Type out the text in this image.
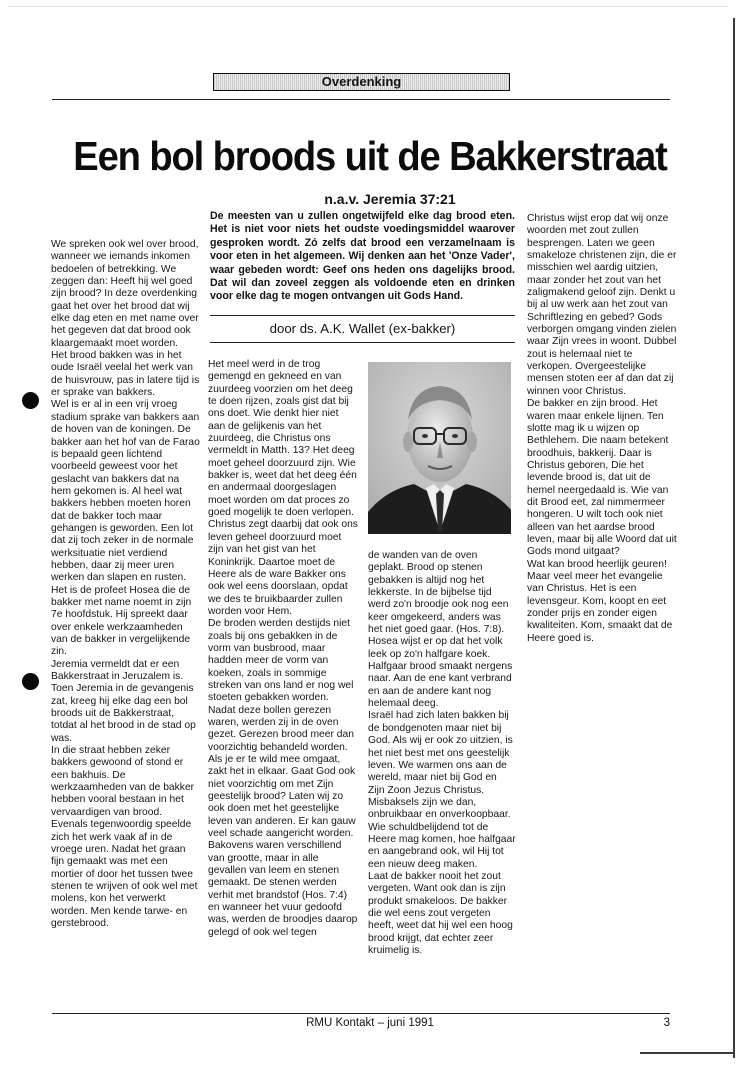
Overdenking
Een bol broods uit de Bakkerstraat
n.a.v. Jeremia 37:21
De meesten van u zullen ongetwijfeld elke dag brood eten. Het is niet voor niets het oudste voedingsmiddel waarover gesproken wordt. Zó zelfs dat brood een verzamelnaam is voor eten in het algemeen. Wij denken aan het 'Onze Vader', waar gebeden wordt: Geef ons heden ons dagelijks brood. Dat wil dan zoveel zeggen als voldoende eten en drinken voor elke dag te mogen ontvangen uit Gods Hand.
door ds. A.K. Wallet (ex-bakker)

We spreken ook wel over brood, wanneer we iemands inkomen bedoelen of betrekking. We zeggen dan: Heeft hij wel goed zijn brood? In deze overdenking gaat het over het brood dat wij elke dag eten en met name over het gegeven dat dat brood ook klaargemaakt moet worden.

Het brood bakken was in het oude Israël veelal het werk van de huisvrouw, pas in latere tijd is er sprake van bakkers.

Wel is er al in een vrij vroeg stadium sprake van bakkers aan de hoven van de koningen. De bakker aan het hof van de Farao is bepaald geen lichtend voorbeeld geweest voor het geslacht van bakkers dat na hem gekomen is. Al heel wat bakkers hebben moeten horen dat de bakker toch maar gehangen is geworden. Een lot dat zij toch zeker in de normale werksituatie niet verdiend hebben, daar zij meer uren werken dan slapen en rusten.

Het is de profeet Hosea die de bakker met name noemt in zijn 7e hoofdstuk. Hij spreekt daar over enkele werkzaamheden van de bakker in vergelijkende zin.

Jeremia vermeldt dat er een Bakkerstraat in Jeruzalem is. Toen Jeremia in de gevangenis zat, kreeg hij elke dag een bol broods uit de Bakkerstraat, totdat al het brood in de stad op was.

In die straat hebben zeker bakkers gewoond of stond er een bakhuis. De werkzaamheden van de bakker hebben vooral bestaan in het vervaardigen van brood.

Evenals tegenwoordig speelde zich het werk vaak af in de vroege uren. Nadat het graan fijn gemaakt was met een mortier of door het tussen twee stenen te wrijven of ook wel met molens, kon het verwerkt worden. Men kende tarwe- en gerstebrood.

Het meel werd in de trog gemengd en gekneed en van zuurdeeg voorzien om het deeg te doen rijzen, zoals gist dat bij ons doet. Wie denkt hier niet aan de gelijkenis van het zuurdeeg, die Christus ons vermeldt in Matth. 13? Het deeg moet geheel doorzuurd zijn. Wie bakker is, weet dat het deeg één en andermaal doorgeslagen moet worden om dat proces zo goed mogelijk te doen verlopen. Christus zegt daarbij dat ook ons leven geheel doorzuurd moet zijn van het gist van het Koninkrijk. Daartoe moet de Heere als de ware Bakker ons ook wel eens doorslaan, opdat we des te bruikbaarder zullen worden voor Hem.

De broden werden destijds niet zoals bij ons gebakken in de vorm van busbrood, maar hadden meer de vorm van koeken, zoals in sommige streken van ons land er nog wel stoeten gebakken worden.

Nadat deze bollen gerezen waren, werden zij in de oven gezet. Gerezen brood meer dan voorzichtig behandeld worden. Als je er te wild mee omgaat, zakt het in elkaar. Gaat God ook niet voorzichtig om met Zijn geestelijk brood? Laten wij zo ook doen met het geestelijke leven van anderen. Er kan gauw veel schade aangericht worden. Bakovens waren verschillend van grootte, maar in alle gevallen van leem en stenen gemaakt. De stenen werden verhit met brandstof (Hos. 7:4) en wanneer het vuur gedoofd was, werden de broodjes daarop gelegd of ook wel tegen

de wanden van de oven geplakt. Brood op stenen gebakken is altijd nog het lekkerste. In de bijbelse tijd werd zo'n broodje ook nog een keer omgekeerd, anders was het niet goed gaar. (Hos. 7:8). Hosea wijst er op dat het volk leek op zo'n halfgare koek. Halfgaar brood smaakt nergens naar. Aan de ene kant verbrand en aan de andere kant nog helemaal deeg.

Israël had zich laten bakken bij de bondgenoten maar niet bij God. Als wij er ook zo uitzien, is het niet best met ons geestelijk leven. We warmen ons aan de wereld, maar niet bij God en Zijn Zoon Jezus Christus. Misbaksels zijn we dan, onbruikbaar en onverkoopbaar. Wie schuldbelijdend tot de Heere mag komen, hoe halfgaar en aangebrand ook, wil Hij tot een nieuw deeg maken.

Laat de bakker nooit het zout vergeten. Want ook dan is zijn produkt smakeloos. De bakker die wel eens zout vergeten heeft, weet dat hij wel een hoog brood krijgt, dat echter zeer kruimelig is.

Christus wijst erop dat wij onze woorden met zout zullen besprengen. Laten we geen smakeloze christenen zijn, die er misschien wel aardig uitzien, maar zonder het zout van het zaligmakend geloof zijn. Denkt u bij al uw werk aan het zout van Schriftlezing en gebed? Gods verborgen omgang vinden zielen waar Zijn vrees in woont. Dubbel zout is helemaal niet te verkopen. Overgeestelijke mensen stoten eer af dan dat zij winnen voor Christus.

De bakker en zijn brood. Het waren maar enkele lijnen. Ten slotte mag ik u wijzen op Bethlehem. Die naam betekent broodhuis, bakkerij. Daar is Christus geboren, Die het levende brood is, dat uit de hemel neergedaald is. Wie van dit Brood eet, zal nimmermeer hongeren. U wilt toch ook niet alleen van het aardse brood leven, maar bij alle Woord dat uit Gods mond uitgaat?

Wat kan brood heerlijk geuren! Maar veel meer het evangelie van Christus. Het is een levensgeur. Kom, koopt en eet zonder prijs en zonder eigen kwaliteiten. Kom, smaakt dat de Heere goed is.

RMU Kontakt – juni 1991	3
